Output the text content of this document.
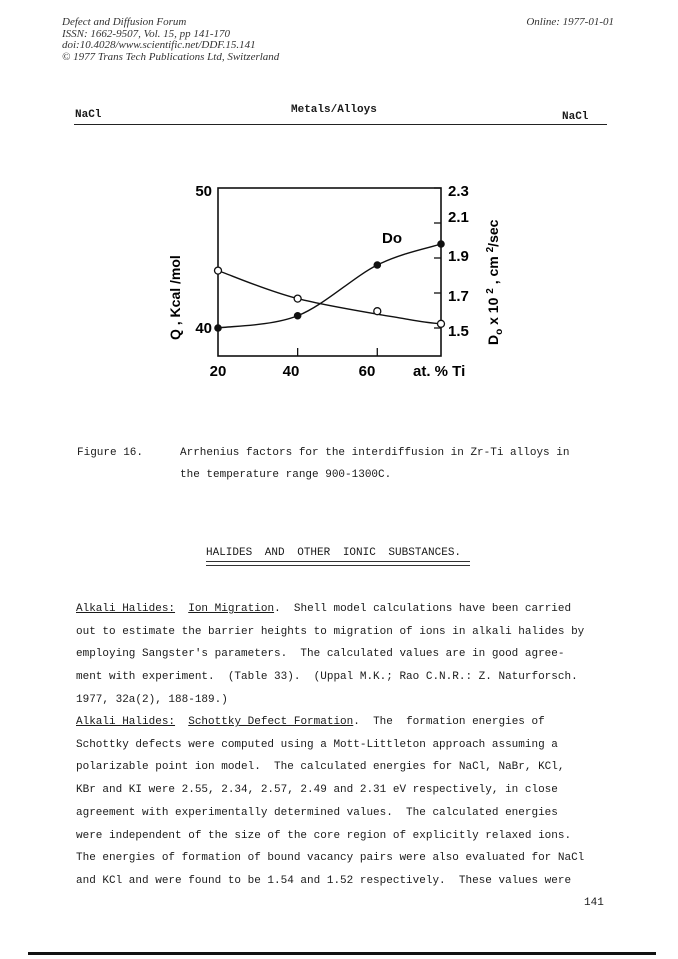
Defect and Diffusion Forum
ISSN: 1662-9507, Vol. 15, pp 141-170
doi:10.4028/www.scientific.net/DDF.15.141
© 1977 Trans Tech Publications Ltd, Switzerland
Online: 1977-01-01
NaCl	Metals/Alloys
NaCl
50
40
2.3
2.1
1.9
1.7
1.5
20	40	60	at. % Ti
Do
Q , Kcal /mol	$D_o$ x 10 $^2$ , cm $^2$/sec
Figure 16.	Arrhenius factors for the interdiffusion in Zr-Ti alloys in
the temperature range 900-1300C.
HALIDES AND OTHER IONIC SUBSTANCES.
Alkali Halides: Ion Migration.  Shell model calculations have been carried
out to estimate the barrier heights to migration of ions in alkali halides by
employing Sangster's parameters.  The calculated values are in good agree-
ment with experiment.  (Table 33).  (Uppal M.K.; Rao C.N.R.: Z. Naturforsch.
1977, 32a(2), 188-189.)
Alkali Halides: Schottky Defect Formation.  The  formation energies of
Schottky defects were computed using a Mott-Littleton approach assuming a
polarizable point ion model.  The calculated energies for NaCl, NaBr, KCl,
KBr and KI were 2.55, 2.34, 2.57, 2.49 and 2.31 eV respectively, in close
agreement with experimentally determined values.  The calculated energies
were independent of the size of the core region of explicitly relaxed ions.
The energies of formation of bound vacancy pairs were also evaluated for NaCl
and KCl and were found to be 1.54 and 1.52 respectively.  These values were
141
